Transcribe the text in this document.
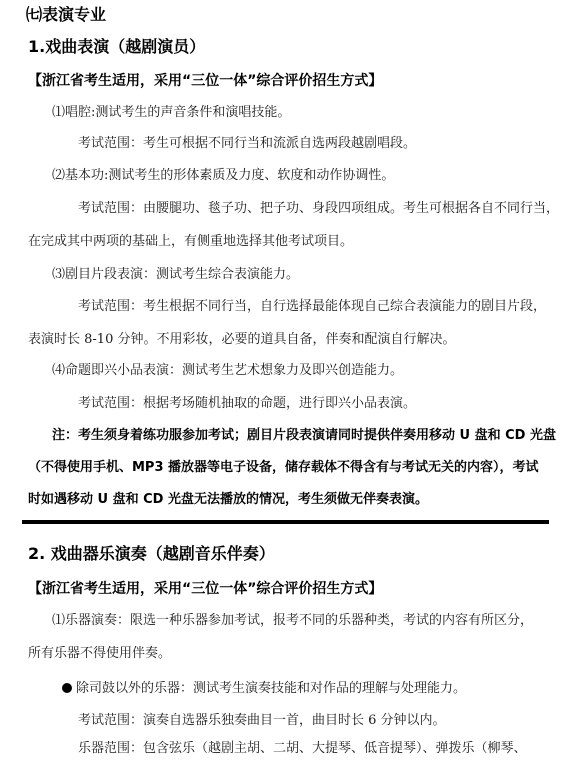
㈦表演专业
1.戏曲表演（越剧演员）
【浙江省考生适用，采用“三位一体”综合评价招生方式】
⑴唱腔:测试考生的声音条件和演唱技能。
考试范围：考生可根据不同行当和流派自选两段越剧唱段。
⑵基本功:测试考生的形体素质及力度、软度和动作协调性。
考试范围：由腰腿功、毯子功、把子功、身段四项组成。考生可根据各自不同行当，
在完成其中两项的基础上，有侧重地选择其他考试项目。
⑶剧目片段表演：测试考生综合表演能力。
考试范围：考生根据不同行当，自行选择最能体现自己综合表演能力的剧目片段，
表演时长 8-10 分钟。不用彩妆，必要的道具自备，伴奏和配演自行解决。
⑷命题即兴小品表演：测试考生艺术想象力及即兴创造能力。
考试范围：根据考场随机抽取的命题，进行即兴小品表演。
注：考生须身着练功服参加考试；剧目片段表演请同时提供伴奏用移动 U 盘和 CD 光盘
（不得使用手机、MP3 播放器等电子设备，储存载体不得含有与考试无关的内容），考试
时如遇移动 U 盘和 CD 光盘无法播放的情况，考生须做无伴奏表演。
2. 戏曲器乐演奏（越剧音乐伴奏）
【浙江省考生适用，采用“三位一体”综合评价招生方式】
⑴乐器演奏：限选一种乐器参加考试，报考不同的乐器种类，考试的内容有所区分，
所有乐器不得使用伴奏。
除司鼓以外的乐器：测试考生演奏技能和对作品的理解与处理能力。
考试范围：演奏自选器乐独奏曲目一首，曲目时长 6 分钟以内。
乐器范围：包含弦乐（越剧主胡、二胡、大提琴、低音提琴）、弹拨乐（柳琴、
